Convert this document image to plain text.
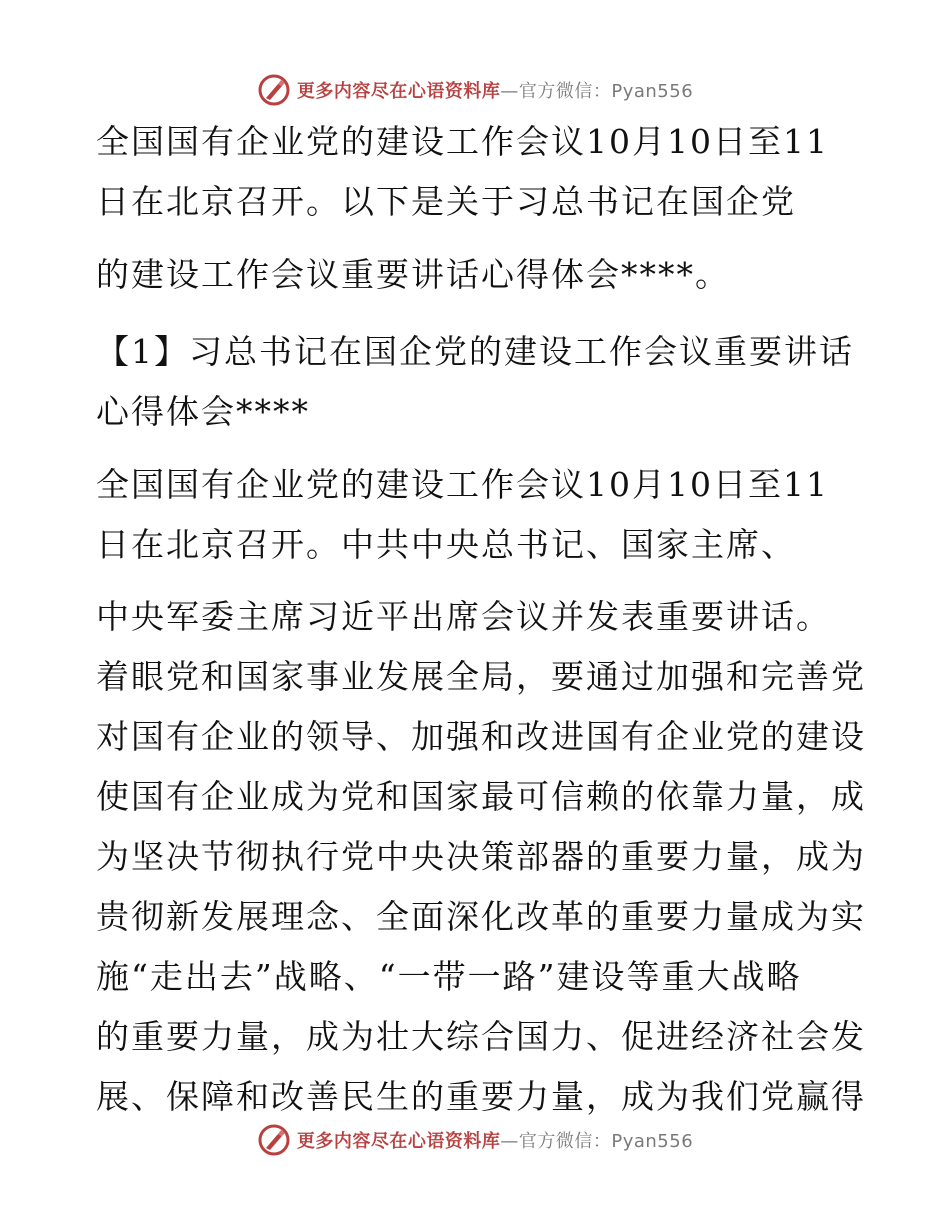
更多内容尽在心语资料库—官方微信：Pyan556
全国国有企业党的建设工作会议10月10日至11
日在北京召开。以下是关于习总书记在国企党
的建设工作会议重要讲话心得体会****。
【1】习总书记在国企党的建设工作会议重要讲话
心得体会****
全国国有企业党的建设工作会议10月10日至11
日在北京召开。中共中央总书记、国家主席、
中央军委主席习近平出席会议并发表重要讲话。
着眼党和国家事业发展全局，要通过加强和完善党
对国有企业的领导、加强和改进国有企业党的建设
使国有企业成为党和国家最可信赖的依靠力量，成
为坚决节彻执行党中央决策部器的重要力量，成为
贵彻新发展理念、全面深化改革的重要力量成为实
施“走出去”战略、“一带一路”建设等重大战略
的重要力量，成为壮大综合国力、促进经济社会发
展、保障和改善民生的重要力量，成为我们党赢得
更多内容尽在心语资料库—官方微信：Pyan556
